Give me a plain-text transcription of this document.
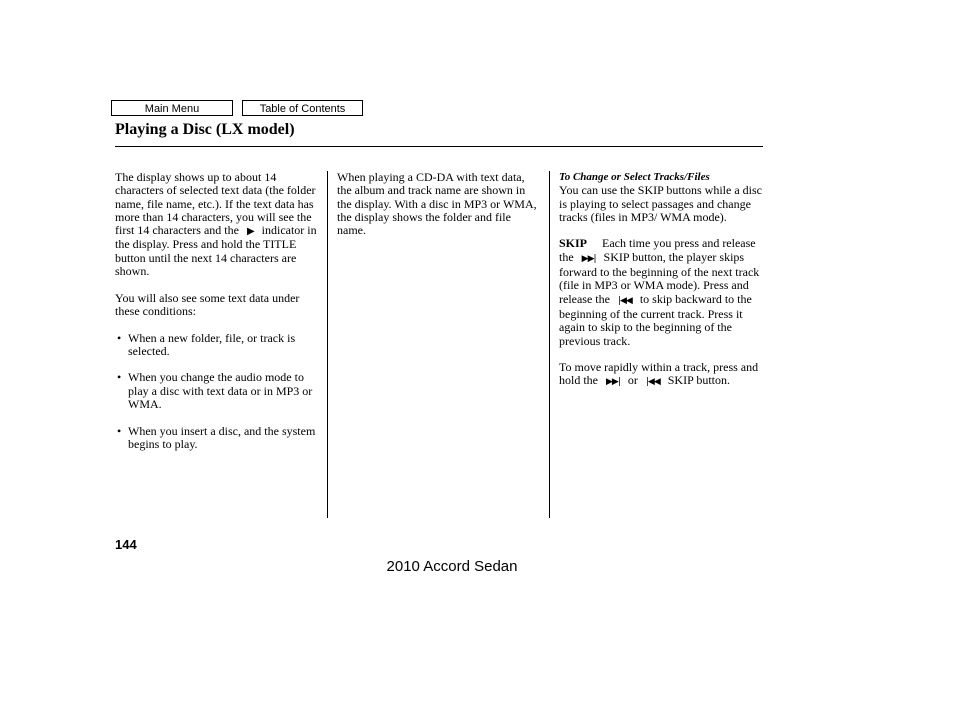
Main Menu	Table of Contents
Playing a Disc (LX model)

The display shows up to about 14 characters of selected text data (the folder name, file name, etc.). If the text data has more than 14 characters, you will see the first 14 characters and the ▶ indicator in the display. Press and hold the TITLE button until the next 14 characters are shown.

You will also see some text data under these conditions:

• When a new folder, file, or track is selected.
• When you change the audio mode to play a disc with text data or in MP3 or WMA.
• When you insert a disc, and the system begins to play.

When playing a CD-DA with text data, the album and track name are shown in the display. With a disc in MP3 or WMA, the display shows the folder and file name.

To Change or Select Tracks/Files

You can use the SKIP buttons while a disc is playing to select passages and change tracks (files in MP3/ WMA mode).

SKIP Each time you press and release the ▶▶| SKIP button, the player skips forward to the beginning of the next track (file in MP3 or WMA mode). Press and release the |◀◀ to skip backward to the beginning of the current track. Press it again to skip to the beginning of the previous track.

To move rapidly within a track, press and hold the ▶▶| or |◀◀ SKIP button.

144
2010 Accord Sedan
